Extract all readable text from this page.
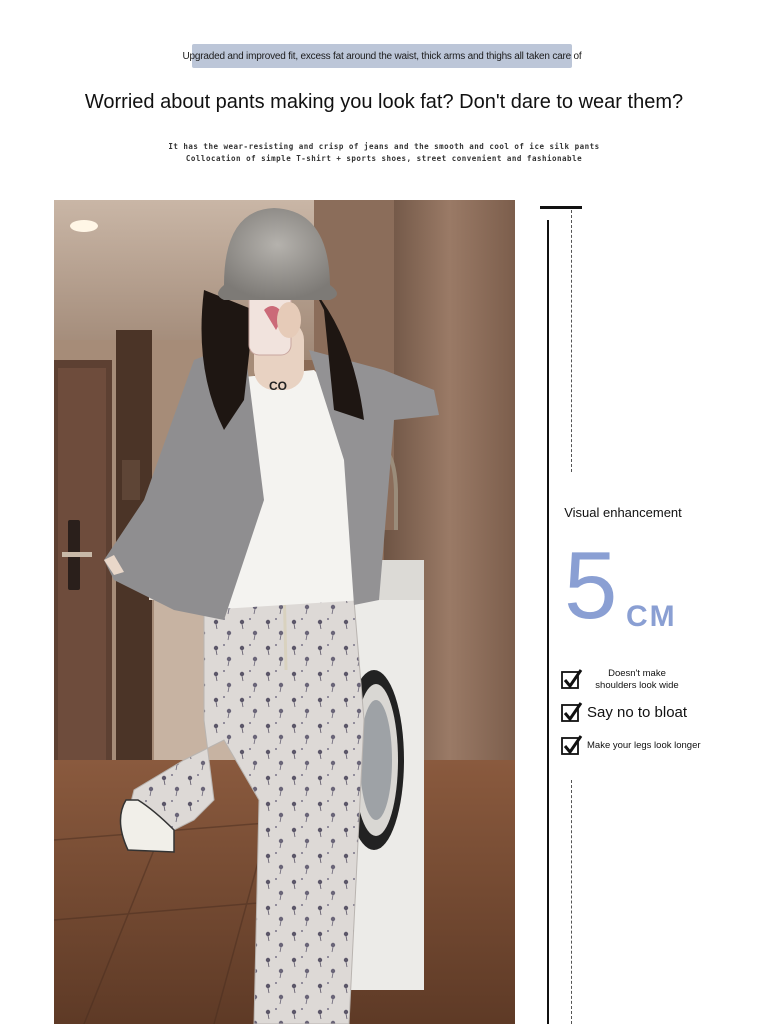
Upgraded and improved fit, excess fat around the waist, thick arms and thighs all taken care of
Worried about pants making you look fat? Don't dare to wear them?
It has the wear-resisting and crisp of jeans and the smooth and cool of ice silk pants
Collocation of simple T-shirt + sports shoes, street convenient and fashionable
CO
Visual enhancement
5 CM
Doesn't make shoulders look wide
Say no to bloat
Make your legs look longer
